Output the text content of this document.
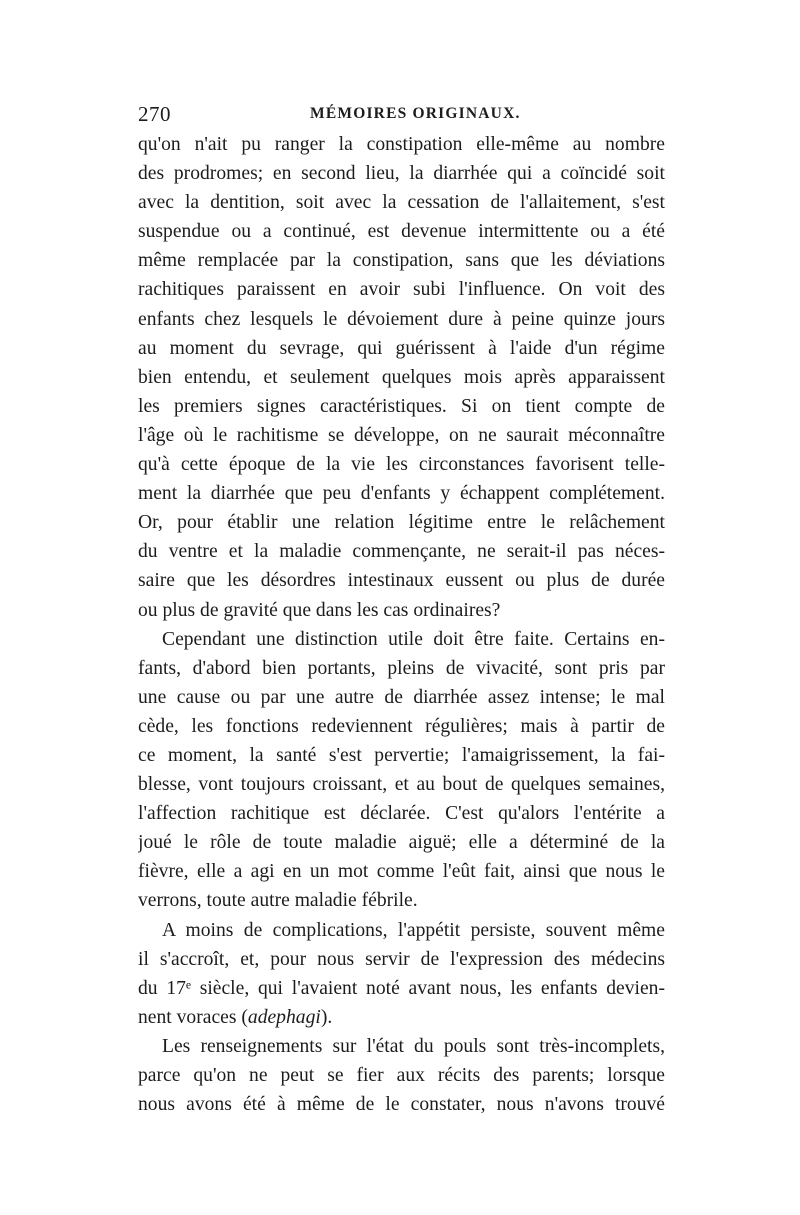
270	MÉMOIRES ORIGINAUX.
qu'on n'ait pu ranger la constipation elle-même au nombre
des prodromes; en second lieu, la diarrhée qui a coïncidé soit
avec la dentition, soit avec la cessation de l'allaitement, s'est
suspendue ou a continué, est devenue intermittente ou a été
même remplacée par la constipation, sans que les déviations
rachitiques paraissent en avoir subi l'influence. On voit des
enfants chez lesquels le dévoiement dure à peine quinze jours
au moment du sevrage, qui guérissent à l'aide d'un régime
bien entendu, et seulement quelques mois après apparaissent
les premiers signes caractéristiques. Si on tient compte de
l'âge où le rachitisme se développe, on ne saurait méconnaître
qu'à cette époque de la vie les circonstances favorisent telle-
ment la diarrhée que peu d'enfants y échappent complétement.
Or, pour établir une relation légitime entre le relâchement
du ventre et la maladie commençante, ne serait-il pas néces-
saire que les désordres intestinaux eussent ou plus de durée
ou plus de gravité que dans les cas ordinaires?
Cependant une distinction utile doit être faite. Certains en-
fants, d'abord bien portants, pleins de vivacité, sont pris par
une cause ou par une autre de diarrhée assez intense; le mal
cède, les fonctions redeviennent régulières; mais à partir de
ce moment, la santé s'est pervertie; l'amaigrissement, la fai-
blesse, vont toujours croissant, et au bout de quelques semaines,
l'affection rachitique est déclarée. C'est qu'alors l'entérite a
joué le rôle de toute maladie aiguë; elle a déterminé de la
fièvre, elle a agi en un mot comme l'eût fait, ainsi que nous le
verrons, toute autre maladie fébrile.
A moins de complications, l'appétit persiste, souvent même
il s'accroît, et, pour nous servir de l'expression des médecins
du 17ᵉ siècle, qui l'avaient noté avant nous, les enfants devien-
nent voraces (adephagi).
Les renseignements sur l'état du pouls sont très-incomplets,
parce qu'on ne peut se fier aux récits des parents; lorsque
nous avons été à même de le constater, nous n'avons trouvé
